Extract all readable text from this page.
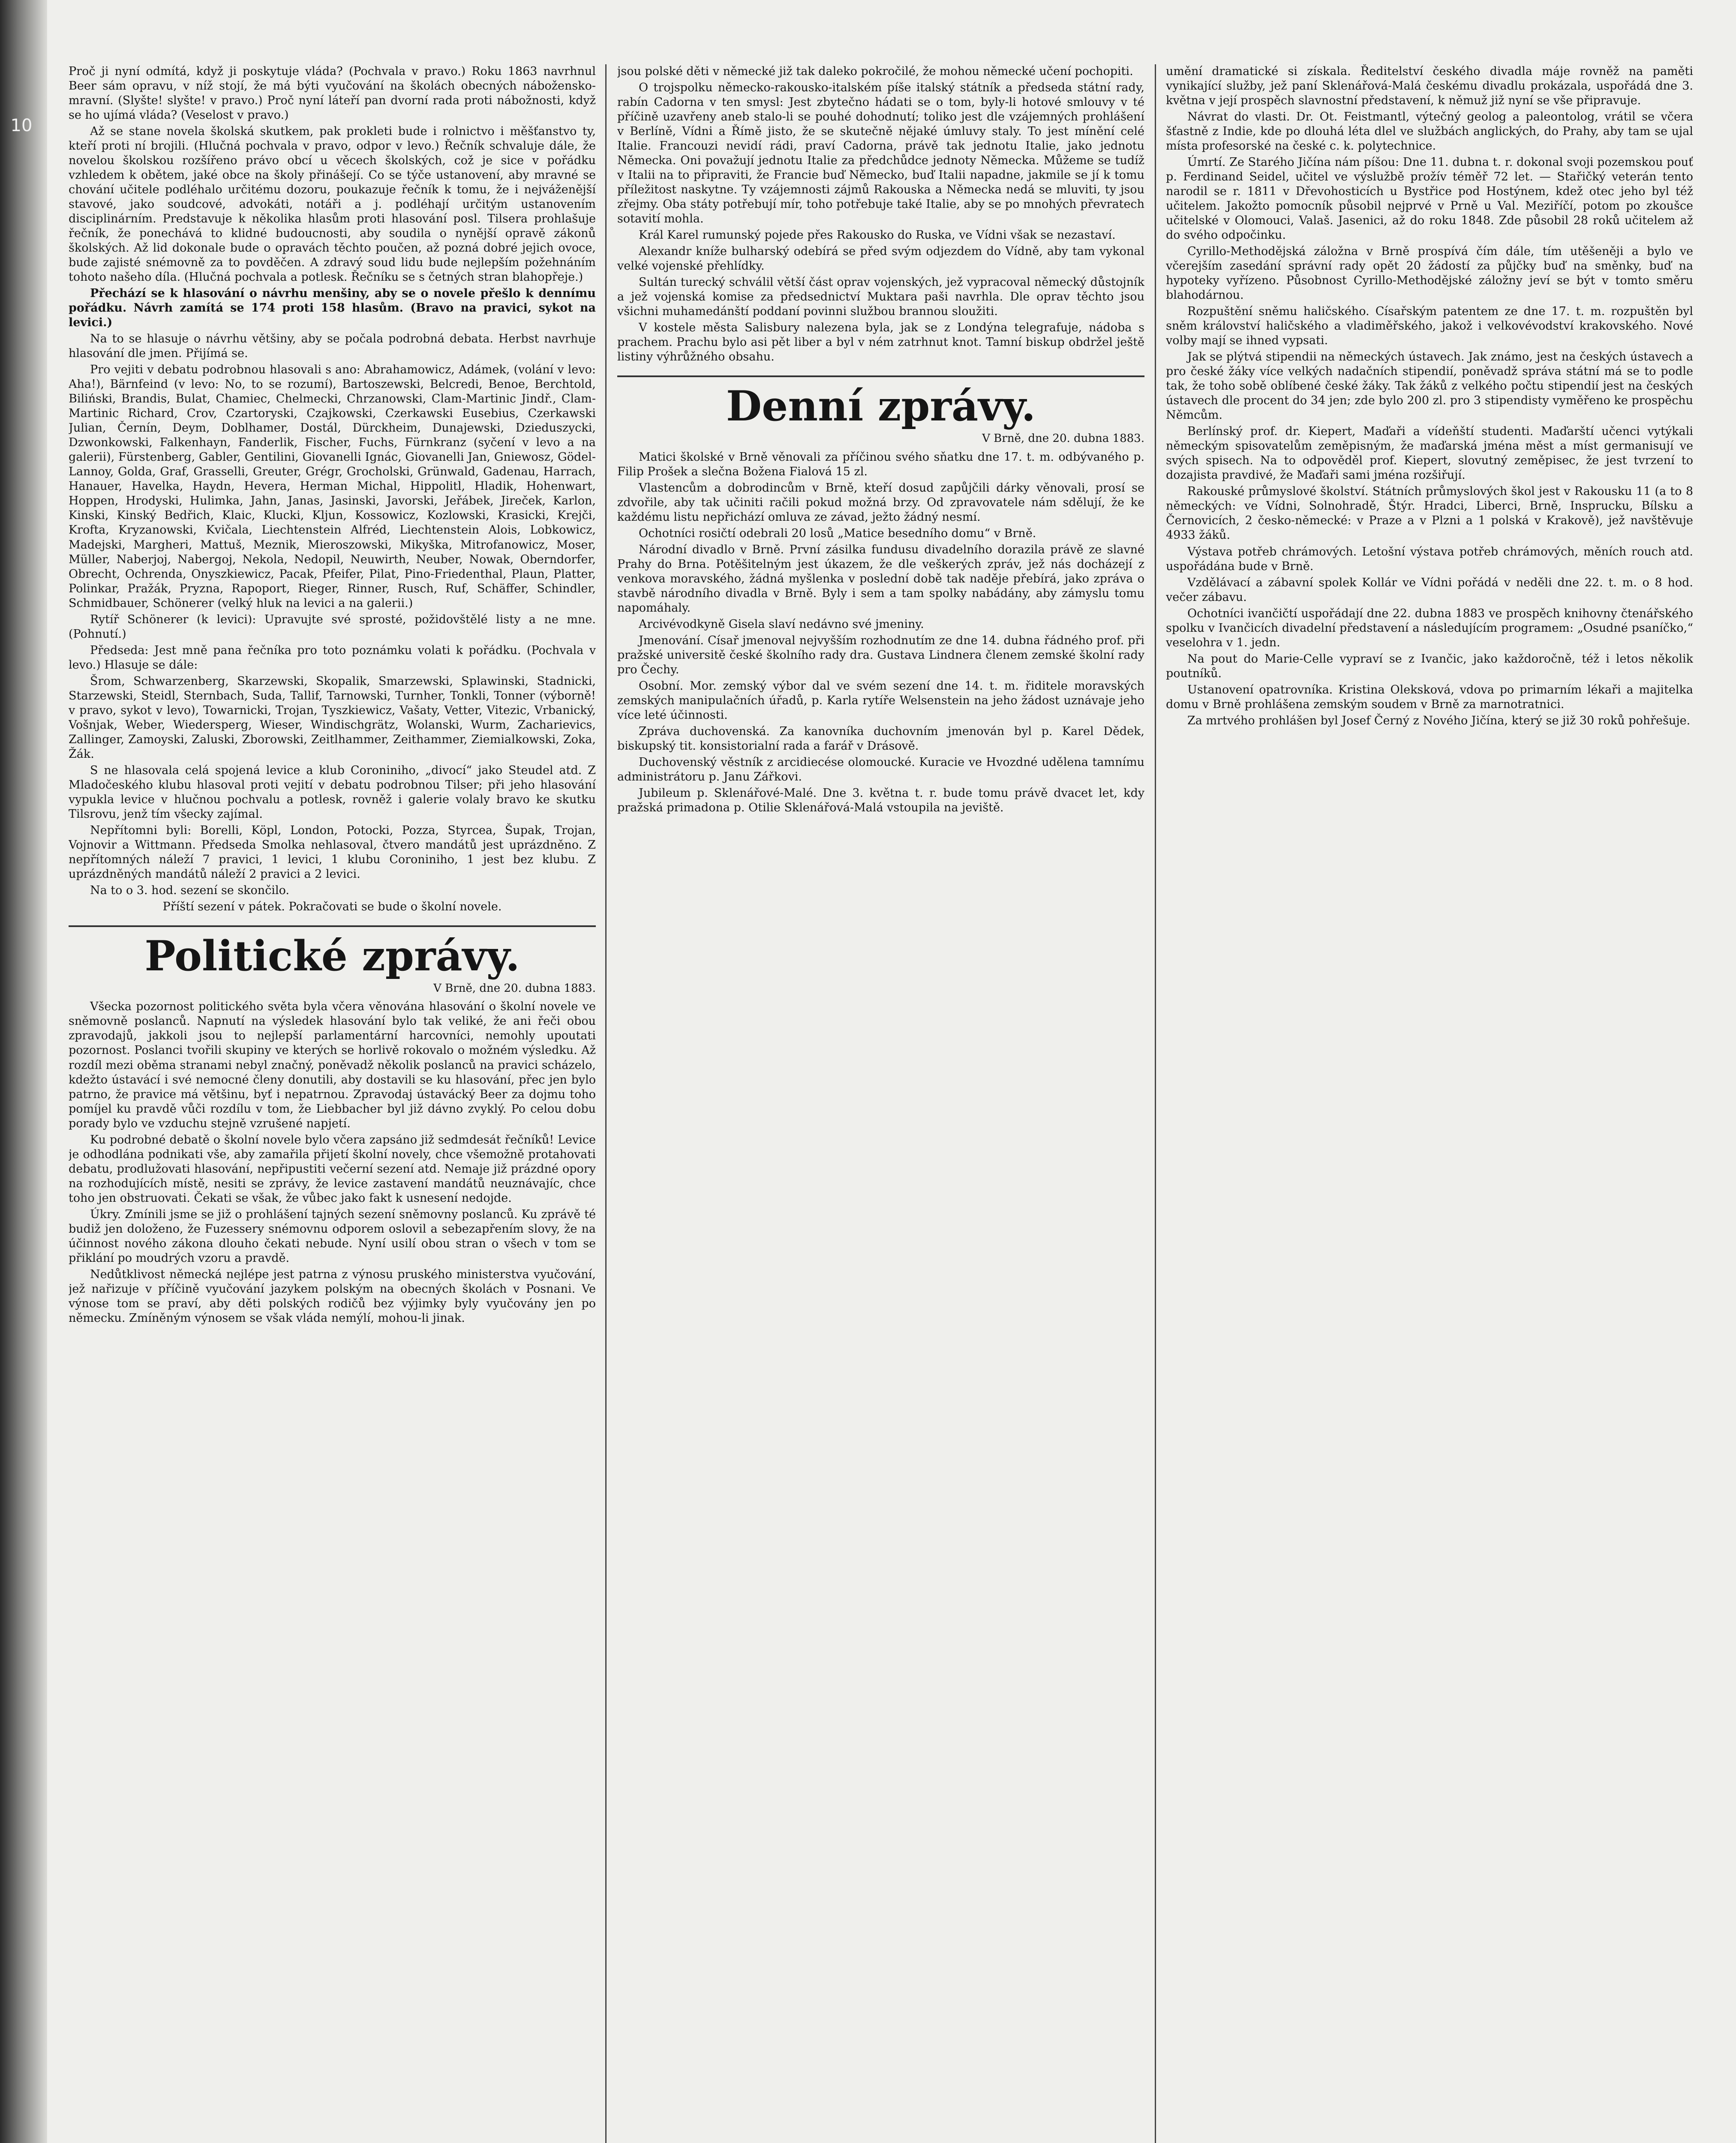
10

Proč ji nyní odmítá, když ji poskytuje vláda? (Pochvala v pravo.) Roku 1863 navrhnul Beer sám opravu, v níž stojí, že má býti vyučování na školách obecných nábožensko-mravní. (Slyšte! slyšte! v pravo.) Proč nyní láteří pan dvorní rada proti nábožnosti, když se ho ujímá vláda? (Veselost v pravo.)

Až se stane novela školská skutkem, pak prokleti bude i rolnictvo i měšťanstvo ty, kteří proti ní brojili. (Hlučná pochvala v pravo, odpor v levo.) Řečník schvaluje dále, že novelou školskou rozšířeno právo obcí u věcech školských, což je sice v pořádku vzhledem k obětem, jaké obce na školy přinášejí. Co se týče ustanovení, aby mravné se chování učitele podléhalo určitému dozoru, poukazuje řečník k tomu, že i nejváženější stavové, jako soudcové, advokáti, notáři a j. podléhají určitým ustanovením disciplinárním. Predstavuje k několika hlasům proti hlasování posl. Tilsera prohlašuje řečník, že ponechává to klidné budoucnosti, aby soudila o nynější opravě zákonů školských. Až lid dokonale bude o opravách těchto poučen, až pozná dobré jejich ovoce, bude zajisté snémovně za to povděčen. A zdravý soud lidu bude nejlepším požehnáním tohoto našeho díla. (Hlučná pochvala a potlesk. Řečníku se s četných stran blahopřeje.)

Přechází se k hlasování o návrhu menšiny, aby se o novele přešlo k dennímu pořádku. Návrh zamítá se 174 proti 158 hlasům. (Bravo na pravici, sykot na levici.)

Na to se hlasuje o návrhu většiny, aby se počala podrobná debata. Herbst navrhuje hlasování dle jmen. Přijímá se.

Pro vejiti v debatu podrobnou hlasovali s ano: Abrahamowicz, Adámek, (volání v levo: Aha!), Bärnfeind (v levo: No, to se rozumí), Bartoszewski, Belcredi, Benoe, Berchtold, Biliński, Brandis, Bulat, Chamiec, Chelmecki, Chrzanowski, Clam-Martinic Jindř., Clam-Martinic Richard, Crov, Czartoryski, Czajkowski, Czerkawski Eusebius, Czerkawski Julian, Černín, Deym, Doblhamer, Dostál, Dürckheim, Dunajewski, Dzieduszycki, Dzwonkowski, Falkenhayn, Fanderlik, Fischer, Fuchs, Fürnkranz (syčení v levo a na galerii), Fürstenberg, Gabler, Gentilini, Giovanelli Ignác, Giovanelli Jan, Gniewosz, Gödel-Lannoy, Golda, Graf, Grasselli, Greuter, Grégr, Grocholski, Grünwald, Gadenau, Harrach, Hanauer, Havelka, Haydn, Hevera, Herman Michal, Hippolitl, Hladik, Hohenwart, Hoppen, Hrodyski, Hulimka, Jahn, Janas, Jasinski, Javorski, Jeřábek, Jireček, Karlon, Kinski, Kinský Bedřich, Klaic, Klucki, Kljun, Kossowicz, Kozlowski, Krasicki, Krejči, Krofta, Kryzanowski, Kvičala, Liechtenstein Alfréd, Liechtenstein Alois, Lobkowicz, Madejski, Margheri, Mattuš, Meznik, Mieroszowski, Mikyška, Mitrofanowicz, Moser, Müller, Naberjoj, Nabergoj, Nekola, Nedopil, Neuwirth, Neuber, Nowak, Oberndorfer, Obrecht, Ochrenda, Onyszkiewicz, Pacak, Pfeifer, Pilat, Pino-Friedenthal, Plaun, Platter, Polinkar, Pražák, Pryzna, Rapoport, Rieger, Rinner, Rusch, Ruf, Schäffer, Schindler, Schmidbauer, Schönerer (velký hluk na levici a na galerii.)

Rytíř Schönerer (k levici): Upravujte své sprosté, požidovštělé listy a ne mne. (Pohnutí.)

Předseda: Jest mně pana řečníka pro toto poznámku volati k pořádku. (Pochvala v levo.) Hlasuje se dále:

Šrom, Schwarzenberg, Skarzewski, Skopalik, Smarzewski, Splawinski, Stadnicki, Starzewski, Steidl, Sternbach, Suda, Tallif, Tarnowski, Turnher, Tonkli, Tonner (výborně! v pravo, sykot v levo), Towarnicki, Trojan, Tyszkiewicz, Vašaty, Vetter, Vitezic, Vrbanický, Vošnjak, Weber, Wiedersperg, Wieser, Windischgrätz, Wolanski, Wurm, Zacharievics, Zallinger, Zamoyski, Zaluski, Zborowski, Zeitlhammer, Zeithammer, Ziemialkowski, Zoka, Žák.

S ne hlasovala celá spojená levice a klub Coroniniho, „divocí“ jako Steudel atd. Z Mladočeského klubu hlasoval proti vejití v debatu podrobnou Tilser; při jeho hlasování vypukla levice v hlučnou pochvalu a potlesk, rovněž i galerie volaly bravo ke skutku Tilsrovu, jenž tím všecky zajímal.

Nepřítomni byli: Borelli, Köpl, London, Potocki, Pozza, Styrcea, Šupak, Trojan, Vojnovir a Wittmann. Předseda Smolka nehlasoval, čtvero mandátů jest uprázdněno. Z nepřítomných náleží 7 pravici, 1 levici, 1 klubu Coroniniho, 1 jest bez klubu. Z uprázdněných mandátů náleží 2 pravici a 2 levici.

Na to o 3. hod. sezení se skončilo.

Příští sezení v pátek. Pokračovati se bude o školní novele.

Politické zprávy.
V Brně, dne 20. dubna 1883.

Všecka pozornost politického světa byla včera věnována hlasování o školní novele ve sněmovně poslanců. Napnutí na výsledek hlasování bylo tak veliké, že ani řeči obou zpravodajů, jakkoli jsou to nejlepší parlamentární harcovníci, nemohly upoutati pozornost. Poslanci tvořili skupiny ve kterých se horlivě rokovalo o možném výsledku. Až rozdíl mezi oběma stranami nebyl značný, poněvadž několik poslanců na pravici scházelo, kdežto ústavácí i své nemocné členy donutili, aby dostavili se ku hlasování, přec jen bylo patrno, že pravice má většinu, byť i nepatrnou. Zpravodaj ústavácký Beer za dojmu toho pomíjel ku pravdě vůči rozdílu v tom, že Liebbacher byl již dávno zvyklý. Po celou dobu porady bylo ve vzduchu stejně vzrušené napjetí.

Ku podrobné debatě o školní novele bylo včera zapsáno již sedmdesát řečníků! Levice je odhodlána podnikati vše, aby zamařila přijetí školní novely, chce všemožně protahovati debatu, prodlužovati hlasování, nepřipustiti večerní sezení atd. Nemaje již prázdné opory na rozhodujících místě, nesiti se zprávy, že levice zastavení mandátů neuznávajíc, chce toho jen obstruovati. Čekati se však, že vůbec jako fakt k usnesení nedojde.

Úkry. Zmínili jsme se již o prohlášení tajných sezení sněmovny poslanců. Ku zprávě té budiž jen doloženo, že Fuzessery snémovnu odporem oslovil a sebezapřením slovy, že na účinnost nového zákona dlouho čekati nebude. Nyní usilí obou stran o všech v tom se přiklání po moudrých vzoru a pravdě.

Nedůtklivost německá nejlépe jest patrna z výnosu pruského ministerstva vyučování, jež nařizuje v příčině vyučování jazykem polským na obecných školách v Posnani. Ve výnose tom se praví, aby děti polských rodičů bez výjimky byly vyučovány jen po německu. Zmíněným výnosem se však vláda nemýlí, mohou-li jinak.

jsou polské děti v německé již tak daleko pokročilé, že mohou německé učení pochopiti.

O trojspolku německo-rakousko-italském píše italský státník a předseda státní rady, rabín Cadorna v ten smysl: Jest zbytečno hádati se o tom, byly-li hotové smlouvy v té příčině uzavřeny aneb stalo-li se pouhé dohodnutí; toliko jest dle vzájemných prohlášení v Berlíně, Vídni a Římě jisto, že se skutečně nějaké úmluvy staly. To jest mínění celé Italie. Francouzi nevidí rádi, praví Cadorna, právě tak jednotu Italie, jako jednotu Německa. Oni považují jednotu Italie za předchůdce jednoty Německa. Můžeme se tudíž v Italii na to připraviti, že Francie buď Německo, buď Italii napadne, jakmile se jí k tomu příležitost naskytne. Ty vzájemnosti zájmů Rakouska a Německa nedá se mluviti, ty jsou zřejmy. Oba státy potřebují mír, toho potřebuje také Italie, aby se po mnohých převratech sotavití mohla.

Král Karel rumunský pojede přes Rakousko do Ruska, ve Vídni však se nezastaví.

Alexandr kníže bulharský odebírá se před svým odjezdem do Vídně, aby tam vykonal velké vojenské přehlídky.

Sultán turecký schválil větší část oprav vojenských, jež vypracoval německý důstojník a jež vojenská komise za předsednictví Muktara paši navrhla. Dle oprav těchto jsou všichni muhamedánští poddaní povinni službou brannou sloužiti.

V kostele města Salisbury nalezena byla, jak se z Londýna telegrafuje, nádoba s prachem. Prachu bylo asi pět liber a byl v ném zatrhnut knot. Tamní biskup obdržel ještě listiny výhrůžného obsahu.

Denní zprávy.
V Brně, dne 20. dubna 1883.

Matici školské v Brně věnovali za příčinou svého sňatku dne 17. t. m. odbývaného p. Filip Prošek a slečna Božena Fialová 15 zl.

Vlastencům a dobrodincům v Brně, kteří dosud zapůjčili dárky věnovali, prosí se zdvořile, aby tak učiniti račili pokud možná brzy. Od zpravovatele nám sdělují, že ke každému listu nepřichází omluva ze závad, ježto žádný nesmí.

Ochotníci rosičtí odebrali 20 losů „Matice besedního domu“ v Brně.

Národní divadlo v Brně. První zásilka fundusu divadelního dorazila právě ze slavné Prahy do Brna. Potěšitelným jest úkazem, že dle veškerých zpráv, jež nás docházejí z venkova moravského, žádná myšlenka v poslední době tak naděje přebírá, jako zpráva o stavbě národního divadla v Brně. Byly i sem a tam spolky nabádány, aby zámyslu tomu napomáhaly.

Arcivévodkyně Gisela slaví nedávno své jmeniny.

Jmenování. Císař jmenoval nejvyšším rozhodnutím ze dne 14. dubna řádného prof. při pražské universitě české školního rady dra. Gustava Lindnera členem zemské školní rady pro Čechy.

Osobní. Mor. zemský výbor dal ve svém sezení dne 14. t. m. řiditele moravských zemských manipulačních úřadů, p. Karla rytíře Welsenstein na jeho žádost uznávaje jeho více leté účinnosti.

Zpráva duchovenská. Za kanovníka duchovním jmenován byl p. Karel Dědek, biskupský tit. konsistorialní rada a farář v Drásově.

Duchovenský věstník z arcidiecése olomoucké. Kuracie ve Hvozdné udělena tamnímu administrátoru p. Janu Zářkovi.

Jubileum p. Sklenářové-Malé. Dne 3. května t. r. bude tomu právě dvacet let, kdy pražská primadona p. Otilie Sklenářová-Malá vstoupila na jeviště.

umění dramatické si získala. Ředitelství českého divadla máje rovněž na paměti vynikající služby, jež paní Sklenářová-Malá českému divadlu prokázala, uspořádá dne 3. května v její prospěch slavnostní představení, k němuž již nyní se vše připravuje.

Návrat do vlasti. Dr. Ot. Feistmantl, výtečný geolog a paleontolog, vrátil se včera šťastně z Indie, kde po dlouhá léta dlel ve službách anglických, do Prahy, aby tam se ujal místa profesorské na české c. k. polytechnice.

Úmrtí. Ze Starého Jičína nám píšou: Dne 11. dubna t. r. dokonal svoji pozemskou pouť p. Ferdinand Seidel, učitel ve výslužbě prožív téměř 72 let. — Stařičký veterán tento narodil se r. 1811 v Dřevohosticích u Bystřice pod Hostýnem, kdež otec jeho byl též učitelem. Jakožto pomocník působil nejprvé v Prně u Val. Meziříčí, potom po zkoušce učitelské v Olomouci, Valaš. Jasenici, až do roku 1848. Zde působil 28 roků učitelem až do svého odpočinku.

Cyrillo-Methodějská záložna v Brně prospívá čím dále, tím utěšeněji a bylo ve včerejším zasedání správní rady opět 20 žádostí za půjčky buď na směnky, buď na hypoteky vyřízeno. Působnost Cyrillo-Methodějské záložny jeví se být v tomto směru blahodárnou.

Rozpuštění sněmu haličského. Císařským patentem ze dne 17. t. m. rozpuštěn byl sněm království haličského a vladiměřského, jakož i velkovévodství krakovského. Nové volby mají se ihned vypsati.

Jak se plýtvá stipendii na německých ústavech. Jak známo, jest na českých ústavech a pro české žáky více velkých nadačních stipendií, poněvadž správa státní má se to podle tak, že toho sobě oblíbené české žáky. Tak žáků z velkého počtu stipendií jest na českých ústavech dle procent do 34 jen; zde bylo 200 zl. pro 3 stipendisty vyměřeno ke prospěchu Němcům.

Berlínský prof. dr. Kiepert, Maďaři a vídeňští studenti. Maďarští učenci vytýkali německým spisovatelům zeměpisným, že maďarská jména měst a míst germanisují ve svých spisech. Na to odpověděl prof. Kiepert, slovutný zeměpisec, že jest tvrzení to dozajista pravdivé, že Maďaři sami jména rozšiřují.

Rakouské průmyslové školství. Státních průmyslových škol jest v Rakousku 11 (a to 8 německých: ve Vídni, Solnohradě, Štýr. Hradci, Liberci, Brně, Insprucku, Bílsku a Černovicích, 2 česko-německé: v Praze a v Plzni a 1 polská v Krakově), jež navštěvuje 4933 žáků.

Výstava potřeb chrámových. Letošní výstava potřeb chrámových, měních rouch atd. uspořádána bude v Brně.

Vzdělávací a zábavní spolek Kollár ve Vídni pořádá v neděli dne 22. t. m. o 8 hod. večer zábavu.

Ochotníci ivančičtí uspořádají dne 22. dubna 1883 ve prospěch knihovny čtenářského spolku v Ivančicích divadelní představení a následujícím programem: „Osudné psaníčko,“ veselohra v 1. jedn.

Na pout do Marie-Celle vypraví se z Ivančic, jako každoročně, též i letos několik poutníků.

Ustanovení opatrovníka. Kristina Oleksková, vdova po primarním lékaři a majitelka domu v Brně prohlášena zemským soudem v Brně za marnotratnici.

Za mrtvého prohlášen byl Josef Černý z Nového Jičína, který se již 30 roků pohřešuje.
